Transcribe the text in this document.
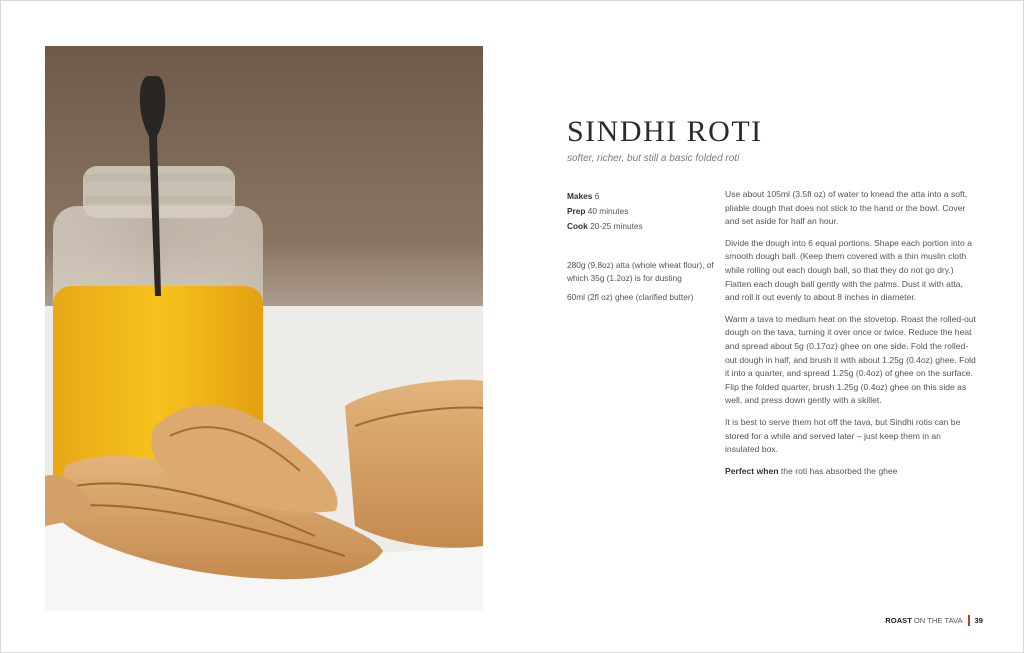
SINDHI ROTI
softer, richer, but still a basic folded roti
Makes 6
Prep 40 minutes
Cook 20-25 minutes

280g (9.8oz) atta (whole wheat flour), of which 35g (1.2oz) is for dusting

60ml (2fl oz) ghee (clarified butter)

Use about 105ml (3.5fl oz) of water to knead the atta into a soft, pliable dough that does not stick to the hand or the bowl. Cover and set aside for half an hour.

Divide the dough into 6 equal portions. Shape each portion into a smooth dough ball. (Keep them covered with a thin muslin cloth while rolling out each dough ball, so that they do not go dry.) Flatten each dough ball gently with the palms. Dust it with atta, and roll it out evenly to about 8 inches in diameter.

Warm a tava to medium heat on the stovetop. Roast the rolled-out dough on the tava, turning it over once or twice. Reduce the heat and spread about 5g (0.17oz) ghee on one side. Fold the rolled-out dough in half, and brush it with about 1.25g (0.4oz) ghee. Fold it into a quarter, and spread 1.25g (0.4oz) of ghee on the surface. Flip the folded quarter, brush 1.25g (0.4oz) ghee on this side as well, and press down gently with a skillet.

It is best to serve them hot off the tava, but Sindhi rotis can be stored for a while and served later – just keep them in an insulated box.

Perfect when the roti has absorbed the ghee

ROAST ON THE TAVA 39
